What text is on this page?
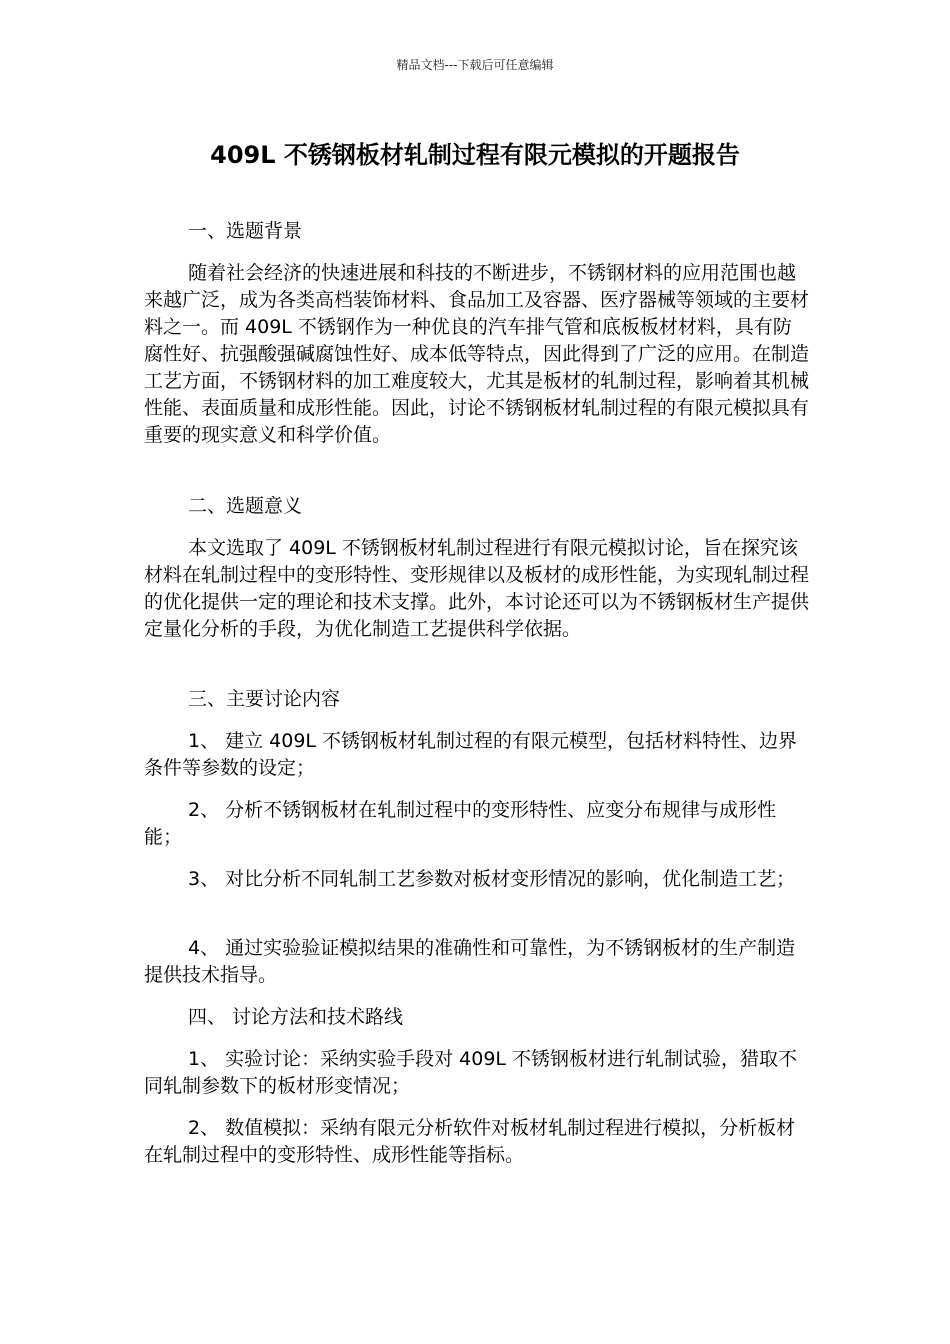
精品文档---下载后可任意编辑
409L 不锈钢板材轧制过程有限元模拟的开题报告
一、选题背景
随着社会经济的快速进展和科技的不断进步，不锈钢材料的应用范围也越来越广泛，成为各类高档装饰材料、食品加工及容器、医疗器械等领域的主要材料之一。而 409L 不锈钢作为一种优良的汽车排气管和底板板材材料，具有防腐性好、抗强酸强碱腐蚀性好、成本低等特点，因此得到了广泛的应用。在制造工艺方面，不锈钢材料的加工难度较大，尤其是板材的轧制过程，影响着其机械性能、表面质量和成形性能。因此，讨论不锈钢板材轧制过程的有限元模拟具有重要的现实意义和科学价值。
二、选题意义
本文选取了 409L 不锈钢板材轧制过程进行有限元模拟讨论，旨在探究该材料在轧制过程中的变形特性、变形规律以及板材的成形性能，为实现轧制过程的优化提供一定的理论和技术支撑。此外，本讨论还可以为不锈钢板材生产提供定量化分析的手段，为优化制造工艺提供科学依据。
三、主要讨论内容
1、 建立 409L 不锈钢板材轧制过程的有限元模型，包括材料特性、边界条件等参数的设定；
2、 分析不锈钢板材在轧制过程中的变形特性、应变分布规律与成形性能；
3、 对比分析不同轧制工艺参数对板材变形情况的影响，优化制造工艺；
4、 通过实验验证模拟结果的准确性和可靠性，为不锈钢板材的生产制造提供技术指导。
四、 讨论方法和技术路线
1、 实验讨论：采纳实验手段对 409L 不锈钢板材进行轧制试验，猎取不同轧制参数下的板材形变情况；
2、 数值模拟：采纳有限元分析软件对板材轧制过程进行模拟，分析板材在轧制过程中的变形特性、成形性能等指标。
